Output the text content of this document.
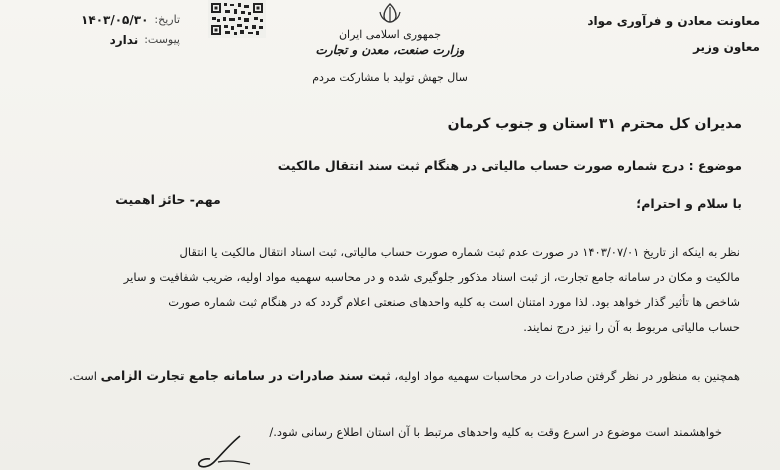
معاونت معادن و فرآوری مواد
معاون وزیر
جمهوری اسلامی ایران
وزارت صنعت، معدن و تجارت
سال جهش تولید با مشارکت مردم
تاریخ:
۱۴۰۳/۰۵/۳۰
پیوست:
ندارد
مدیران کل محترم ۳۱ استان و جنوب کرمان
موضوع : درج شماره صورت حساب مالیاتی در هنگام ثبت سند انتقال مالکیت
با سلام و احترام؛
مهم- حائز اهمیت
نظر به اینکه از تاریخ ۱۴۰۳/۰۷/۰۱ در صورت عدم ثبت شماره صورت حساب مالیاتی، ثبت اسناد انتقال مالکیت یا انتقال
مالکیت و مکان در سامانه جامع تجارت، از ثبت اسناد مذکور جلوگیری شده و در محاسبه سهمیه مواد اولیه، ضریب شفافیت و سایر
شاخص ها تأثیر گذار خواهد بود. لذا مورد امتنان است به کلیه واحدهای صنعتی اعلام گردد که در هنگام ثبت شماره صورت
حساب مالیاتی مربوط به آن را نیز درج نمایند.
همچنین به منظور در نظر گرفتن صادرات در محاسبات سهمیه مواد اولیه، ثبت سند صادرات در سامانه جامع تجارت الزامی است.
خواهشمند است موضوع در اسرع وقت به کلیه واحدهای مرتبط با آن استان اطلاع رسانی شود./
